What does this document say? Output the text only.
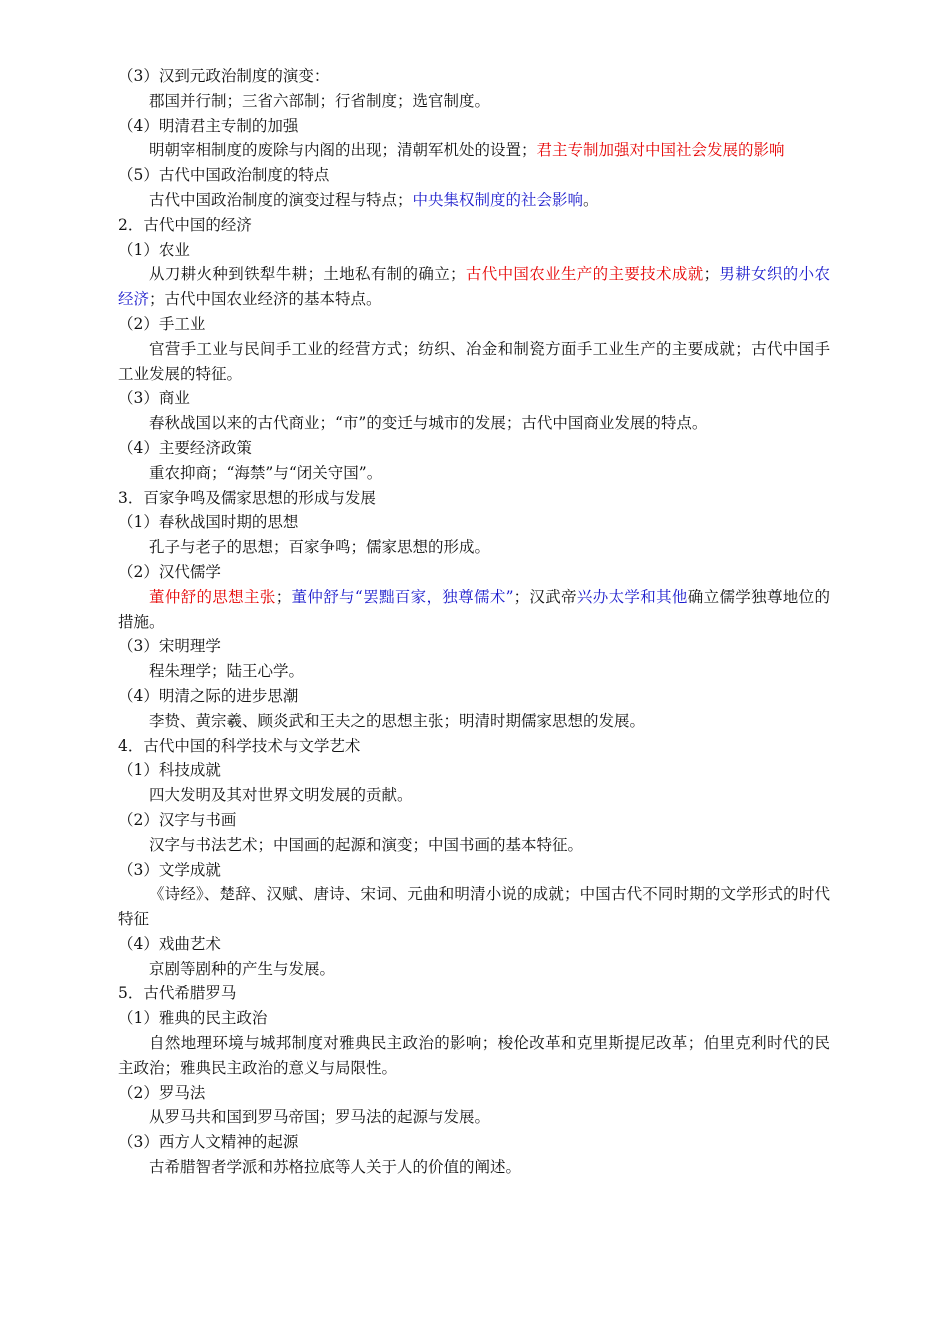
（3）汉到元政治制度的演变：

郡国并行制；三省六部制；行省制度；选官制度。

（4）明清君主专制的加强

明朝宰相制度的废除与内阁的出现；清朝军机处的设置；君主专制加强对中国社会发展的影响

（5）古代中国政治制度的特点

古代中国政治制度的演变过程与特点；中央集权制度的社会影响。

2．古代中国的经济

（1）农业

从刀耕火种到铁犁牛耕；土地私有制的确立；古代中国农业生产的主要技术成就；男耕女织的小农经济；古代中国农业经济的基本特点。

（2）手工业

官营手工业与民间手工业的经营方式；纺织、冶金和制瓷方面手工业生产的主要成就；古代中国手工业发展的特征。

（3）商业

春秋战国以来的古代商业；“市”的变迁与城市的发展；古代中国商业发展的特点。

（4）主要经济政策

重农抑商；“海禁”与“闭关守国”。

3．百家争鸣及儒家思想的形成与发展

（1）春秋战国时期的思想

孔子与老子的思想；百家争鸣；儒家思想的形成。

（2）汉代儒学

董仲舒的思想主张；董仲舒与“罢黜百家，独尊儒术”；汉武帝兴办太学和其他确立儒学独尊地位的措施。

（3）宋明理学

程朱理学；陆王心学。

（4）明清之际的进步思潮

李贽、黄宗羲、顾炎武和王夫之的思想主张；明清时期儒家思想的发展。

4．古代中国的科学技术与文学艺术

（1）科技成就

四大发明及其对世界文明发展的贡献。

（2）汉字与书画

汉字与书法艺术；中国画的起源和演变；中国书画的基本特征。

（3）文学成就

《诗经》、楚辞、汉赋、唐诗、宋词、元曲和明清小说的成就；中国古代不同时期的文学形式的时代特征

（4）戏曲艺术

京剧等剧种的产生与发展。

5．古代希腊罗马

（1）雅典的民主政治

自然地理环境与城邦制度对雅典民主政治的影响；梭伦改革和克里斯提尼改革；伯里克利时代的民主政治；雅典民主政治的意义与局限性。

（2）罗马法

从罗马共和国到罗马帝国；罗马法的起源与发展。

（3）西方人文精神的起源

古希腊智者学派和苏格拉底等人关于人的价值的阐述。
